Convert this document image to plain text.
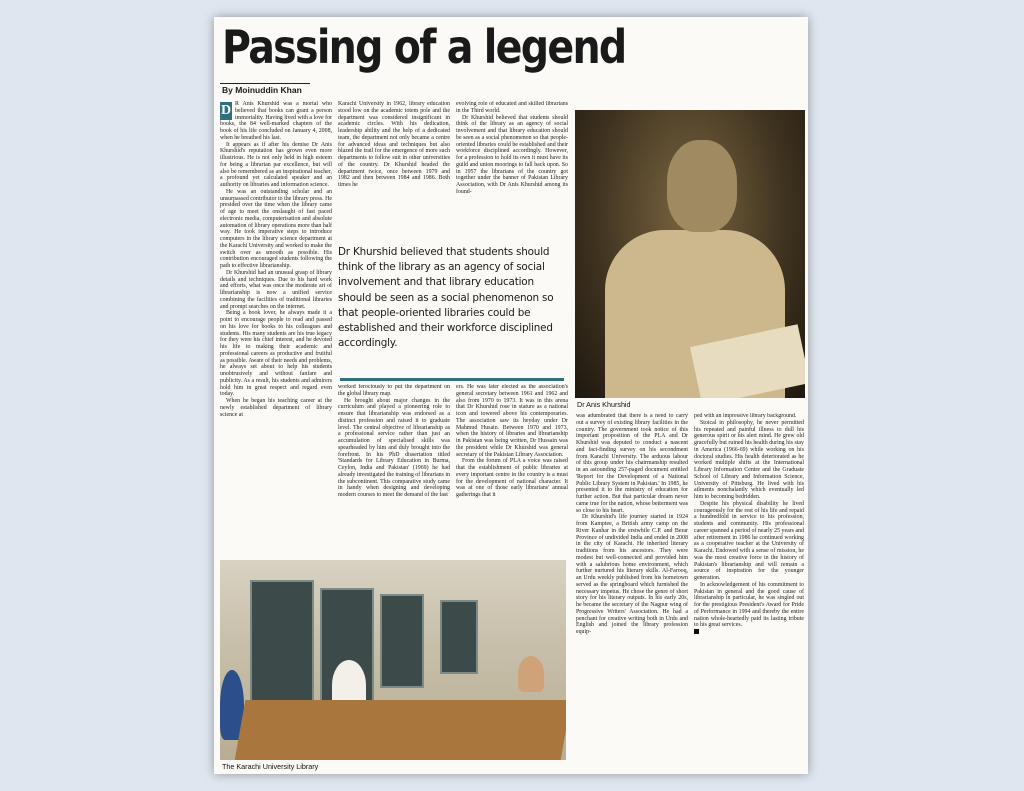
Passing of a legend
By Moinuddin Khan
D R Anis Khurshid was a mortal who believed that books can grant a person immortality. Having lived with a love for books, the 84 well-marked chapters of the book of his life concluded on January 4, 2008, when he breathed his last.

It appears as if after his demise Dr Anis Khurshid's reputation has grown even more illustrious. He is not only held in high esteem for being a librarian par excellence, but will also be remembered as an inspirational teacher, a profound yet calculated speaker and an authority on libraries and information science.

He was an outstanding scholar and an unsurpassed contributor to the library press. He presided over the time when the library came of age to meet the onslaught of fast paced electronic media, computerisation and absolute automation of library operations more than half way. He took imperative steps to introduce computers in the library science department at the Karachi University and worked to make the switch over as smooth as possible. His contribution encouraged students following the path to effective librarianship.

Dr Khurshid had an unusual grasp of library details and techniques. Due to his hard work and efforts, what was once the moderate art of librarianship is now a unified service combining the facilities of traditional libraries and prompt searches on the internet.

Being a book lover, he always made it a point to encourage people to read and passed on his love for books to his colleagues and students. His many students are his true legacy for they were his chief interest, and he devoted his life to making their academic and professional careers as productive and fruitful as possible. Aware of their needs and problems, he always set about to help his students unobtrusively and without fanfare and publicity. As a result, his students and admirers hold him in great respect and regard even today.

When he began his teaching career at the newly established department of library science at

Karachi University in 1962, library education stood low on the academic totem pole and the department was considered insignificant in academic circles. With his dedication, leadership ability and the help of a dedicated team, the department not only became a centre for advanced ideas and techniques but also blazed the trail for the emergence of more such departments to follow suit in other universities of the country. Dr Khurshid headed the department twice, once between 1979 and 1982 and then between 1984 and 1986. Both times he

evolving role of educated and skilled librarians in the Third world.

Dr Khurshid believed that students should think of the library as an agency of social involvement and that library education should be seen as a social phenomenon so that people-oriented libraries could be established and their workforce disciplined accordingly. However, for a profession to hold its own it must have its guild and union moorings to fall back upon. So in 1957 the librarians of the country got together under the banner of Pakistan Library Association, with Dr Anis Khurshid among its found-

Dr Khurshid believed that students should think of the library as an agency of social involvement and that library education should be seen as a social phenomenon so that people-oriented libraries could be established and their workforce disciplined accordingly.
Dr Anis Khurshid

worked ferociously to put the department on the global library map.

He brought about major changes in the curriculum and played a pioneering role to ensure that librarianship was endorsed as a distinct profession and raised it to graduate level. The central objective of librarianship as a professional service rather than just an accumulation of specialised skills was spearheaded by him and duly brought into the forefront. In his PhD dissertation titled 'Standards for Library Education in Burma, Ceylon, India and Pakistan' (1969) he had already investigated the training of librarians in the subcontinent. This comparative study came in handy when designing and developing modern courses to meet the demand of the fast

ers. He was later elected as the association's general secretary between 1961 and 1962 and also from 1970 to 1973. It was in this arena that Dr Khurshid rose in stature as a national icon and towered above his contemporaries. The association saw its heyday under Dr Mahmud Husain. Between 1970 and 1973, when the history of libraries and librarianship in Pakistan was being written, Dr Hussain was the president while Dr Khurshid was general secretary of the Pakistan Library Association.

From the forum of PLA a voice was raised that the establishment of public libraries at every important centre in the country is a must for the development of national character. It was at one of those early librarians' annual gatherings that it

was adumbrated that there is a need to carry out a survey of existing library facilities in the country. The government took notice of this important proposition of the PLA and Dr Khurshid was deputed to conduct a nascent and fact-finding survey on his secondment from Karachi University. The arduous labour of this group under his chairmanship resulted in an astounding 257-paged document entitled 'Report for the Development of a National Public Library System in Pakistan.' In 1985, he presented it to the ministry of education for further action. But that particular dream never came true for the nation, whose betterment was so close to his heart.

Dr Khurshid's life journey started in 1924 from Kamptee, a British army camp on the River Kanhar in the erstwhile C.P. and Berar Province of undivided India and ended in 2008 in the city of Karachi. He inherited literary traditions from his ancestors. They were modest but well-connected and provided him with a salubrious home environment, which further nurtured his literary skills. Al-Farooq, an Urdu weekly published from his hometown served as the springboard which furnished the necessary impetus. He chose the genre of short story for his literary outputs. In his early 20s, he became the secretary of the Nagpur wing of Progressive Writers' Association. He had a penchant for creative writing both in Urdu and English and joined the library profession equip-

ped with an impressive library background.

Stoical in philosophy, he never permitted his repeated and painful illness to dull his generous spirit or his alert mind. He grew old gracefully but ruined his health during his stay in America (1966-69) while working on his doctoral studies. His health deteriorated as he worked multiple shifts at the International Library Information Centre and the Graduate School of Library and Information Science, University of Pittsburg. He lived with his ailments nonchalantly which eventually led him to becoming bedridden.

Despite his physical disability he lived courageously for the rest of his life and repaid a hundredfold in service to his profession, students and community. His professional career spanned a period of nearly 25 years and after retirement in 1986 he continued working as a cooperative teacher at the University of Karachi. Endowed with a sense of mission, he was the most creative force in the history of Pakistan's librarianship and will remain a source of inspiration for the younger generation.

In acknowledgement of his commitment to Pakistan in general and the good cause of librarianship in particular, he was singled out for the prestigious President's Award for Pride of Performance in 1994 and thereby the entire nation whole-heartedly paid its lasting tribute to his great services.

The Karachi University Library
